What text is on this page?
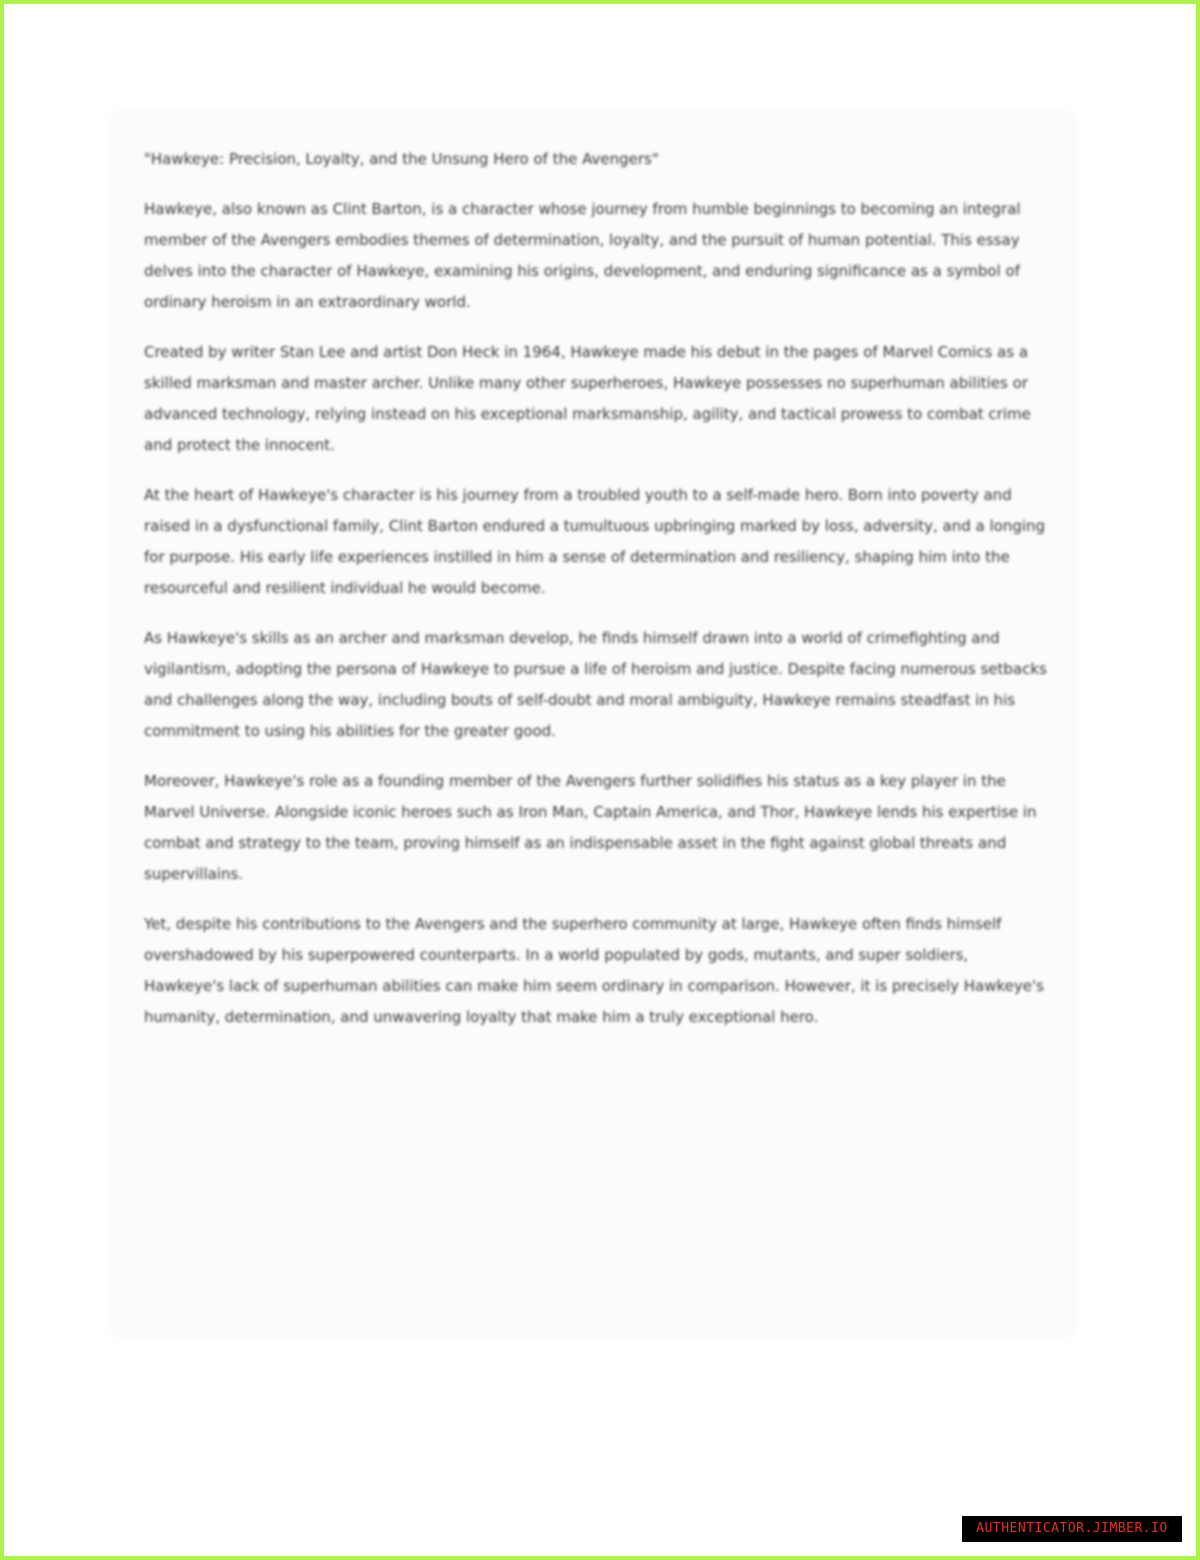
"Hawkeye: Precision, Loyalty, and the Unsung Hero of the Avengers"

Hawkeye, also known as Clint Barton, is a character whose journey from humble beginnings to becoming an integral member of the Avengers embodies themes of determination, loyalty, and the pursuit of human potential. This essay delves into the character of Hawkeye, examining his origins, development, and enduring significance as a symbol of ordinary heroism in an extraordinary world.

Created by writer Stan Lee and artist Don Heck in 1964, Hawkeye made his debut in the pages of Marvel Comics as a skilled marksman and master archer. Unlike many other superheroes, Hawkeye possesses no superhuman abilities or advanced technology, relying instead on his exceptional marksmanship, agility, and tactical prowess to combat crime and protect the innocent.

At the heart of Hawkeye's character is his journey from a troubled youth to a self-made hero. Born into poverty and raised in a dysfunctional family, Clint Barton endured a tumultuous upbringing marked by loss, adversity, and a longing for purpose. His early life experiences instilled in him a sense of determination and resiliency, shaping him into the resourceful and resilient individual he would become.

As Hawkeye's skills as an archer and marksman develop, he finds himself drawn into a world of crimefighting and vigilantism, adopting the persona of Hawkeye to pursue a life of heroism and justice. Despite facing numerous setbacks and challenges along the way, including bouts of self-doubt and moral ambiguity, Hawkeye remains steadfast in his commitment to using his abilities for the greater good.

Moreover, Hawkeye's role as a founding member of the Avengers further solidifies his status as a key player in the Marvel Universe. Alongside iconic heroes such as Iron Man, Captain America, and Thor, Hawkeye lends his expertise in combat and strategy to the team, proving himself as an indispensable asset in the fight against global threats and supervillains.

Yet, despite his contributions to the Avengers and the superhero community at large, Hawkeye often finds himself overshadowed by his superpowered counterparts. In a world populated by gods, mutants, and super soldiers, Hawkeye's lack of superhuman abilities can make him seem ordinary in comparison. However, it is precisely Hawkeye's humanity, determination, and unwavering loyalty that make him a truly exceptional hero.

AUTHENTICATOR.JIMBER.IO
